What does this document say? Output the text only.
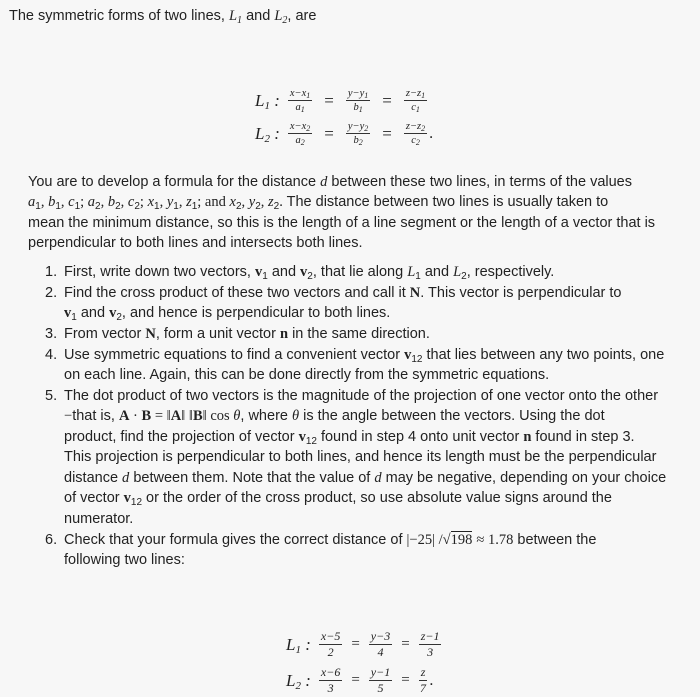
The symmetric forms of two lines, $L_1$ and $L_2$, are
$L_1$ : $\frac{x-x_1}{a_1} = \frac{y-y_1}{b_1} = \frac{z-z_1}{c_1}$
$L_2$ : $\frac{x-x_2}{a_2} = \frac{y-y_2}{b_2} = \frac{z-z_2}{c_2}$ .
You are to develop a formula for the distance d between these two lines, in terms of the values
$a_1$, $b_1$, $c_1$; $a_2$, $b_2$, $c_2$; $x_1$, $y_1$, $z_1$; and $x_2$, $y_2$, $z_2$. The distance between two lines is usually taken to
mean the minimum distance, so this is the length of a line segment or the length of a vector that is
perpendicular to both lines and intersects both lines.
1. First, write down two vectors, $v_1$ and $v_2$, that lie along $L_1$ and $L_2$, respectively.
2. Find the cross product of these two vectors and call it N. This vector is perpendicular to
$v_1$ and $v_2$, and hence is perpendicular to both lines.
3. From vector N, form a unit vector n in the same direction.
4. Use symmetric equations to find a convenient vector $v_{12}$ that lies between any two points, one
on each line. Again, this can be done directly from the symmetric equations.
5. The dot product of two vectors is the magnitude of the projection of one vector onto the other
−that is, A · B = ‖A‖ ‖B‖ cos θ, where θ is the angle between the vectors. Using the dot
product, find the projection of vector $v_{12}$ found in step 4 onto unit vector n found in step 3.
This projection is perpendicular to both lines, and hence its length must be the perpendicular
distance d between them. Note that the value of d may be negative, depending on your choice
of vector $v_{12}$ or the order of the cross product, so use absolute value signs around the
numerator.
6. Check that your formula gives the correct distance of |−25| /√198 ≈ 1.78 between the
following two lines:
$L_1$ : $\frac{x-5}{2} = \frac{y-3}{4} = \frac{z-1}{3}$
$L_2$ : $\frac{x-6}{3} = \frac{y-1}{5} = \frac{z}{7}$ .
